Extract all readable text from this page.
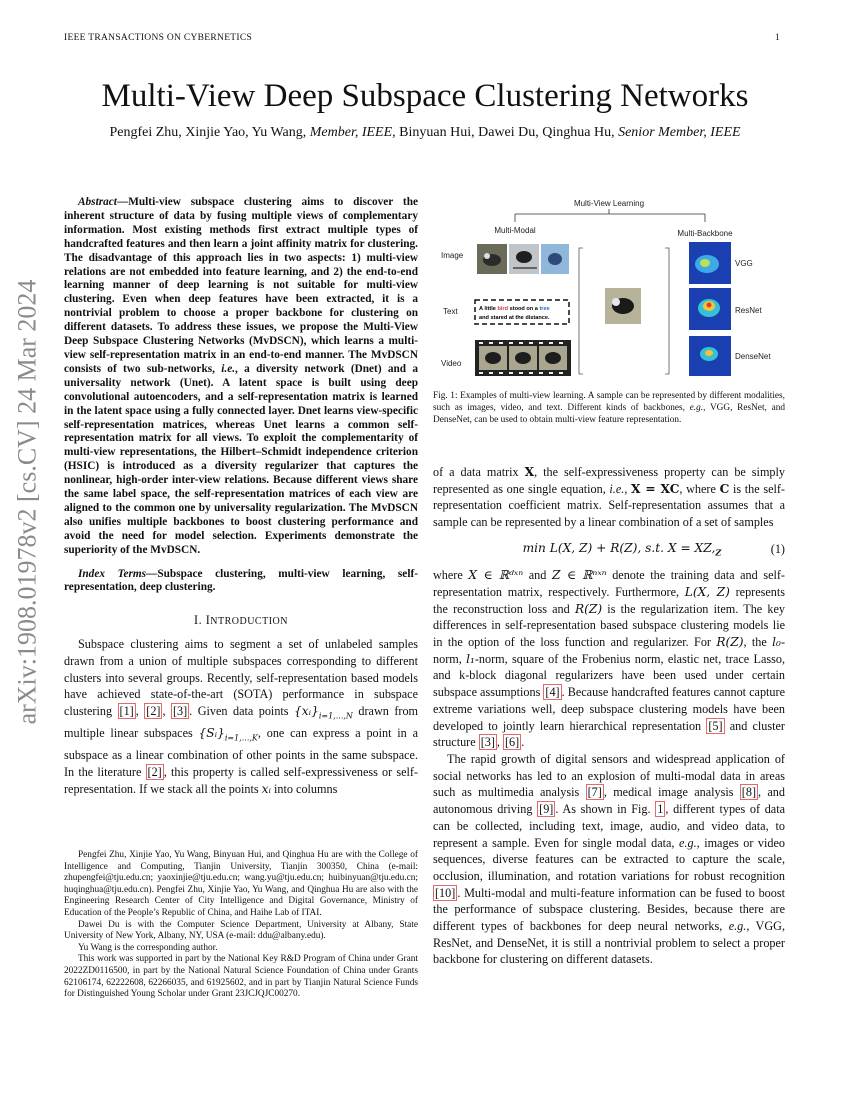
IEEE TRANSACTIONS ON CYBERNETICS	1
Multi-View Deep Subspace Clustering Networks
Pengfei Zhu, Xinjie Yao, Yu Wang, Member, IEEE, Binyuan Hui, Dawei Du, Qinghua Hu, Senior Member, IEEE
arXiv:1908.01978v2 [cs.CV] 24 Mar 2024

Abstract—Multi-view subspace clustering aims to discover the inherent structure of data by fusing multiple views of complementary information. Most existing methods first extract multiple types of handcrafted features and then learn a joint affinity matrix for clustering. The disadvantage of this approach lies in two aspects: 1) multi-view relations are not embedded into feature learning, and 2) the end-to-end learning manner of deep learning is not suitable for multi-view clustering. Even when deep features have been extracted, it is a nontrivial problem to choose a proper backbone for clustering on different datasets. To address these issues, we propose the Multi-View Deep Subspace Clustering Networks (MvDSCN), which learns a multi-view self-representation matrix in an end-to-end manner. The MvDSCN consists of two sub-networks, i.e., a diversity network (Dnet) and a universality network (Unet). A latent space is built using deep convolutional autoencoders, and a self-representation matrix is learned in the latent space using a fully connected layer. Dnet learns view-specific self-representation matrices, whereas Unet learns a common self-representation matrix for all views. To exploit the complementarity of multi-view representations, the Hilbert–Schmidt independence criterion (HSIC) is introduced as a diversity regularizer that captures the nonlinear, high-order inter-view relations. Because different views share the same label space, the self-representation matrices of each view are aligned to the common one by universality regularization. The MvDSCN also unifies multiple backbones to boost clustering performance and avoid the need for model selection. Experiments demonstrate the superiority of the MvDSCN.

Index Terms—Subspace clustering, multi-view learning, self-representation, deep clustering.

I. INTRODUCTION

Subspace clustering aims to segment a set of unlabeled samples drawn from a union of multiple subspaces corresponding to different clusters into several groups. Recently, self-representation based models have achieved state-of-the-art (SOTA) performance in subspace clustering [1] , [2] , [3] . Given data points $\{xᵢ\}_{i=1,...,N}$ drawn from multiple linear subspaces $\{Sᵢ\}_{i=1,...,K}$, one can express a point in a subspace as a linear combination of other points in the same subspace. In the literature [2] , this property is called self-expressiveness or self-representation. If we stack all the points xᵢ into columns

Pengfei Zhu, Xinjie Yao, Yu Wang, Binyuan Hui, and Qinghua Hu are with the College of Intelligence and Computing, Tianjin University, Tianjin 300350, China (e-mail: zhupengfei@tju.edu.cn; yaoxinjie@tju.edu.cn; wang.yu@tju.edu.cn; huibinyuan@tju.edu.cn; huqinghua@tju.edu.cn). Pengfei Zhu, Xinjie Yao, Yu Wang, and Qinghua Hu are also with the Engineering Research Center of City Intelligence and Digital Governance, Ministry of Education of the People’s Republic of China, and Haihe Lab of ITAI.

Dawei Du is with the Computer Science Department, University at Albany, State University of New York, Albany, NY, USA (e-mail: ddu@albany.edu).

Yu Wang is the corresponding author.

This work was supported in part by the National Key R&D Program of China under Grant 2022ZD0116500, in part by the National Natural Science Foundation of China under Grants 62106174, 62222608, 62266035, and 61925602, and in part by Tianjin Natural Science Funds for Distinguished Young Scholar under Grant 23JCJQJC00270.

Multi-View Learning
Multi-Modal	Multi-Backbone
Image
Text
Video
A little bird stood on a tree
and stared at the distance.
VGG
ResNet
DenseNet
Fig. 1: Examples of multi-view learning. A sample can be represented by different modalities, such as images, video, and text. Different kinds of backbones, e.g., VGG, ResNet, and DenseNet, can be used to obtain multi-view feature representation.

of a data matrix X, the self-expressiveness property can be simply represented as one single equation, i.e., X = XC, where C is the self-representation coefficient matrix. Self-representation assumes that a sample can be represented by a linear combination of a set of samples

min L(X, Z) + R(Z), s.t. $X = XZ,_Z$	(1)

where X ∈ ℝᵈˣⁿ and Z ∈ ℝⁿˣⁿ denote the training data and self-representation matrix, respectively. Furthermore, L(X, Z) represents the reconstruction loss and R(Z) is the regularization item. The key differences in self-representation based subspace clustering models lie in the option of the loss function and regularizer. For R(Z), the l₀-norm, l₁-norm, square of the Frobenius norm, elastic net, trace Lasso, and k-block diagonal regularizers have been used under certain subspace assumptions [4] . Because handcrafted features cannot capture extreme variations well, deep subspace clustering models have been developed to jointly learn hierarchical representation [5] and cluster structure [3] , [6] .

The rapid growth of digital sensors and widespread application of social networks has led to an explosion of multi-modal data in areas such as multimedia analysis [7] , medical image analysis [8] , and autonomous driving [9] . As shown in Fig. 1 , different types of data can be collected, including text, image, audio, and video data, to represent a sample. Even for single modal data, e.g., images or video sequences, diverse features can be extracted to capture the scale, occlusion, illumination, and rotation variations for robust recognition [10] . Multi-modal and multi-feature information can be fused to boost the performance of subspace clustering. Besides, because there are different types of backbones for deep neural networks, e.g., VGG, ResNet, and DenseNet, it is still a nontrivial problem to select a proper backbone for clustering on different datasets.
